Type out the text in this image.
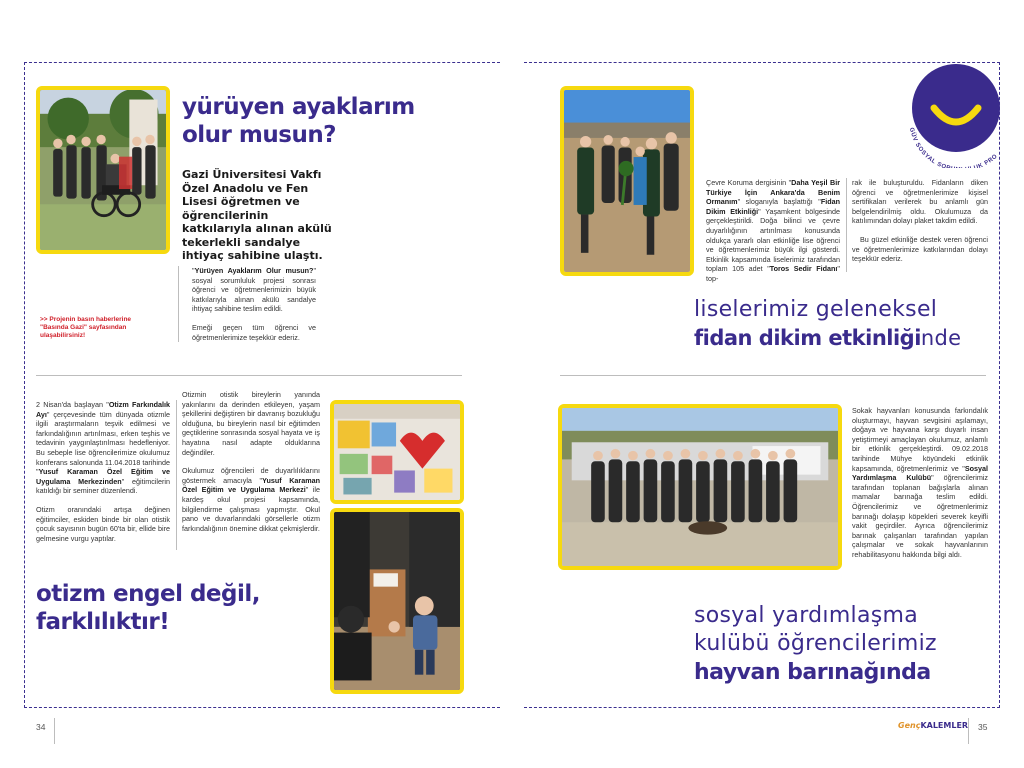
yürüyen ayaklarım
olur musun?
Gazi Üniversitesi Vakfı Özel Anadolu ve Fen Lisesi öğretmen ve öğrencilerinin katkılarıyla alınan akülü tekerlekli sandalye ihtiyaç sahibine ulaştı.

"Yürüyen Ayaklarım Olur musun?" sosyal sorumluluk projesi sonrası öğrenci ve öğretmenlerimizin büyük katkılarıyla alınan akülü sandalye ihtiyaç sahibine teslim edildi.

Emeği geçen tüm öğrenci ve öğretmenlerimize teşekkür ederiz.

>> Projenin basın haberlerine
"Basında Gazi" sayfasından
ulaşabilirsiniz!

2 Nisan'da başlayan "Otizm Farkındalık Ayı" çerçevesinde tüm dünyada otizmle ilgili araştırmaların teşvik edilmesi ve farkındalığının artırılması, erken teşhis ve tedavinin yaygınlaştırılması hedefleniyor. Bu sebeple lise öğrencilerimize okulumuz konferans salonunda 11.04.2018 tarihinde "Yusuf Karaman Özel Eğitim ve Uygulama Merkezinden" eğitimcilerin katıldığı bir seminer düzenlendi.

Otizm oranındaki artışa değinen eğitimciler, eskiden binde bir olan otistik çocuk sayısının bugün 60'ta bir, ellide bire gelmesine vurgu yaptılar.

Otizmin otistik bireylerin yanında yakınlarını da derinden etkileyen, yaşam şekillerini değiştiren bir davranış bozukluğu olduğuna, bu bireylerin nasıl bir eğitimden geçtiklerine sonrasında sosyal hayata ve iş hayatına nasıl adapte olduklarına değindiler.

Okulumuz öğrencileri de duyarlılıklarını göstermek amacıyla "Yusuf Karaman Özel Eğitim ve Uygulama Merkezi" ile kardeş okul projesi kapsamında, bilgilendirme çalışması yapmıştır. Okul pano ve duvarlarındaki görsellerle otizm farkındalığının önemine dikkat çekmişlerdir.

otizm engel değil,
farklılıktır!
34
GÜV SOSYAL SO UK PRO

Çevre Koruma dergisinin "Daha Yeşil Bir Türkiye İçin Ankara'da Benim Ormanım" sloganıyla başlattığı "Fidan Dikim Etkinliği" Yaşamkent bölgesinde gerçekleştirildi. Doğa bilinci ve çevre duyarlılığının artırılması konusunda oldukça yararlı olan etkinliğe lise öğrenci ve öğretmenlerimiz büyük ilgi gösterdi. Etkinlik kapsamında liselerimiz tarafından toplam 105 adet "Toros Sedir Fidanı" top-

rak ile buluşturuldu. Fidanların diken öğrenci ve öğretmenlerimize kişisel sertifikaları verilerek bu anlamlı gün belgelendirilmiş oldu. Okulumuza da katılımından dolayı plaket takdim edildi.

Bu güzel etkinliğe destek veren öğrenci ve öğretmenlerimize katkılarından dolayı teşekkür ederiz.

liselerimiz geleneksel
fidan dikim etkinliğinde

Sokak hayvanları konusunda farkındalık oluşturmayı, hayvan sevgisini aşılamayı, doğaya ve hayvana karşı duyarlı insan yetiştirmeyi amaçlayan okulumuz, anlamlı bir etkinlik gerçekleştirdi. 09.02.2018 tarihinde Mühye köyündeki etkinlik kapsamında, öğretmenlerimiz ve "Sosyal Yardımlaşma Kulübü" öğrencilerimiz tarafından toplanan bağışlarla alınan mamalar barınağa teslim edildi. Öğrencilerimiz ve öğretmenlerimiz barınağı dolaşıp köpekleri severek keyifli vakit geçirdiler. Ayrıca öğrencilerimiz barınak çalışanları tarafından yapılan çalışmalar ve sokak hayvanlarının rehabilitasyonu hakkında bilgi aldı.

sosyal yardımlaşma
kulübü öğrencilerimiz
hayvan barınağında
GençKALEMLER 35
